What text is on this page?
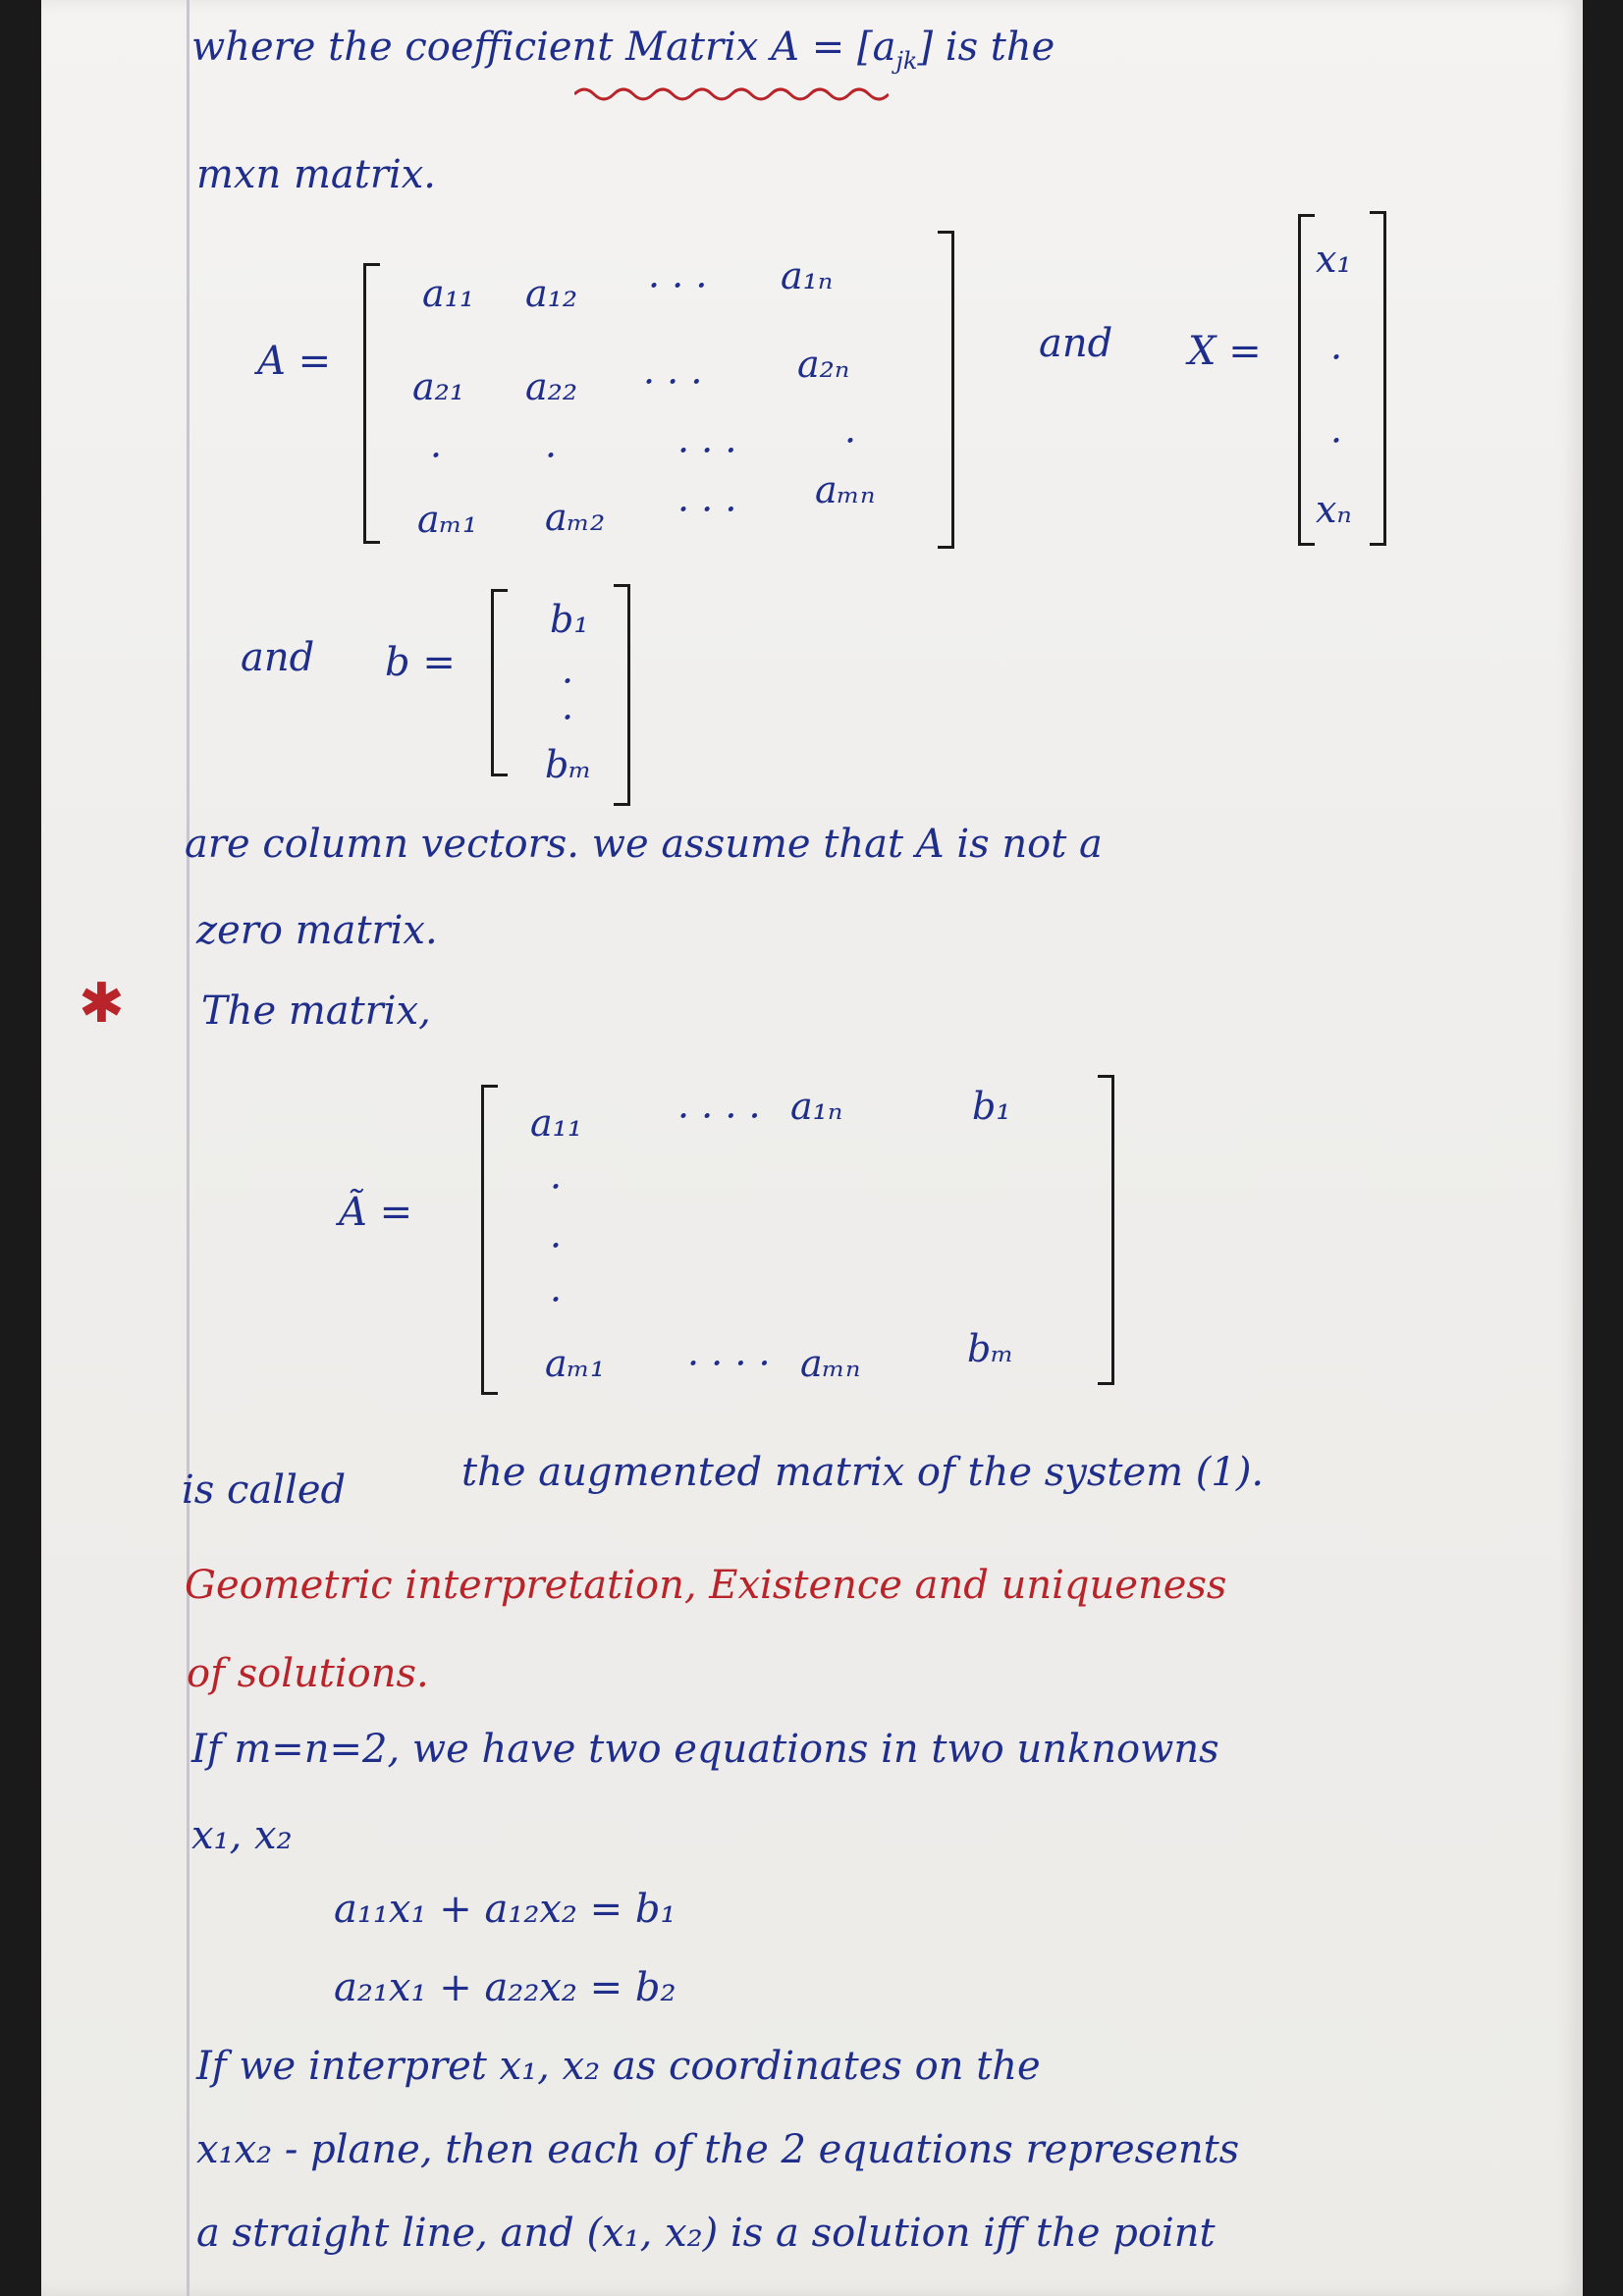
where the coefficient Matrix $A = [a_{jk}]$ is the
mxn matrix.
A =
a₁₁ a₁₂ · · · a₁ₙ
a₂₁ a₂₂ · · ·	a₂ₙ
·	·	· · ·	·
aₘ₁ aₘ₂ · · · aₘₙ
and X =
x₁
·
·
xₙ
and b =
b₁
·
·
bₘ
are column vectors. we assume that A is not a
zero matrix.
✱ The matrix,
Ã =
a₁₁	· · · · a₁ₙ	b₁
·
·
·
aₘ₁ · · · · aₘₙ	bₘ
is called	the augmented matrix of the system (1).
Geometric interpretation, Existence and uniqueness
of solutions.
If m=n=2, we have two equations in two unknowns
x₁, x₂
a₁₁x₁ + a₁₂x₂ = b₁
a₂₁x₁ + a₂₂x₂ = b₂
If we interpret x₁, x₂ as coordinates on the
x₁x₂ - plane, then each of the 2 equations represents
a straight line, and (x₁, x₂) is a solution iff the point
